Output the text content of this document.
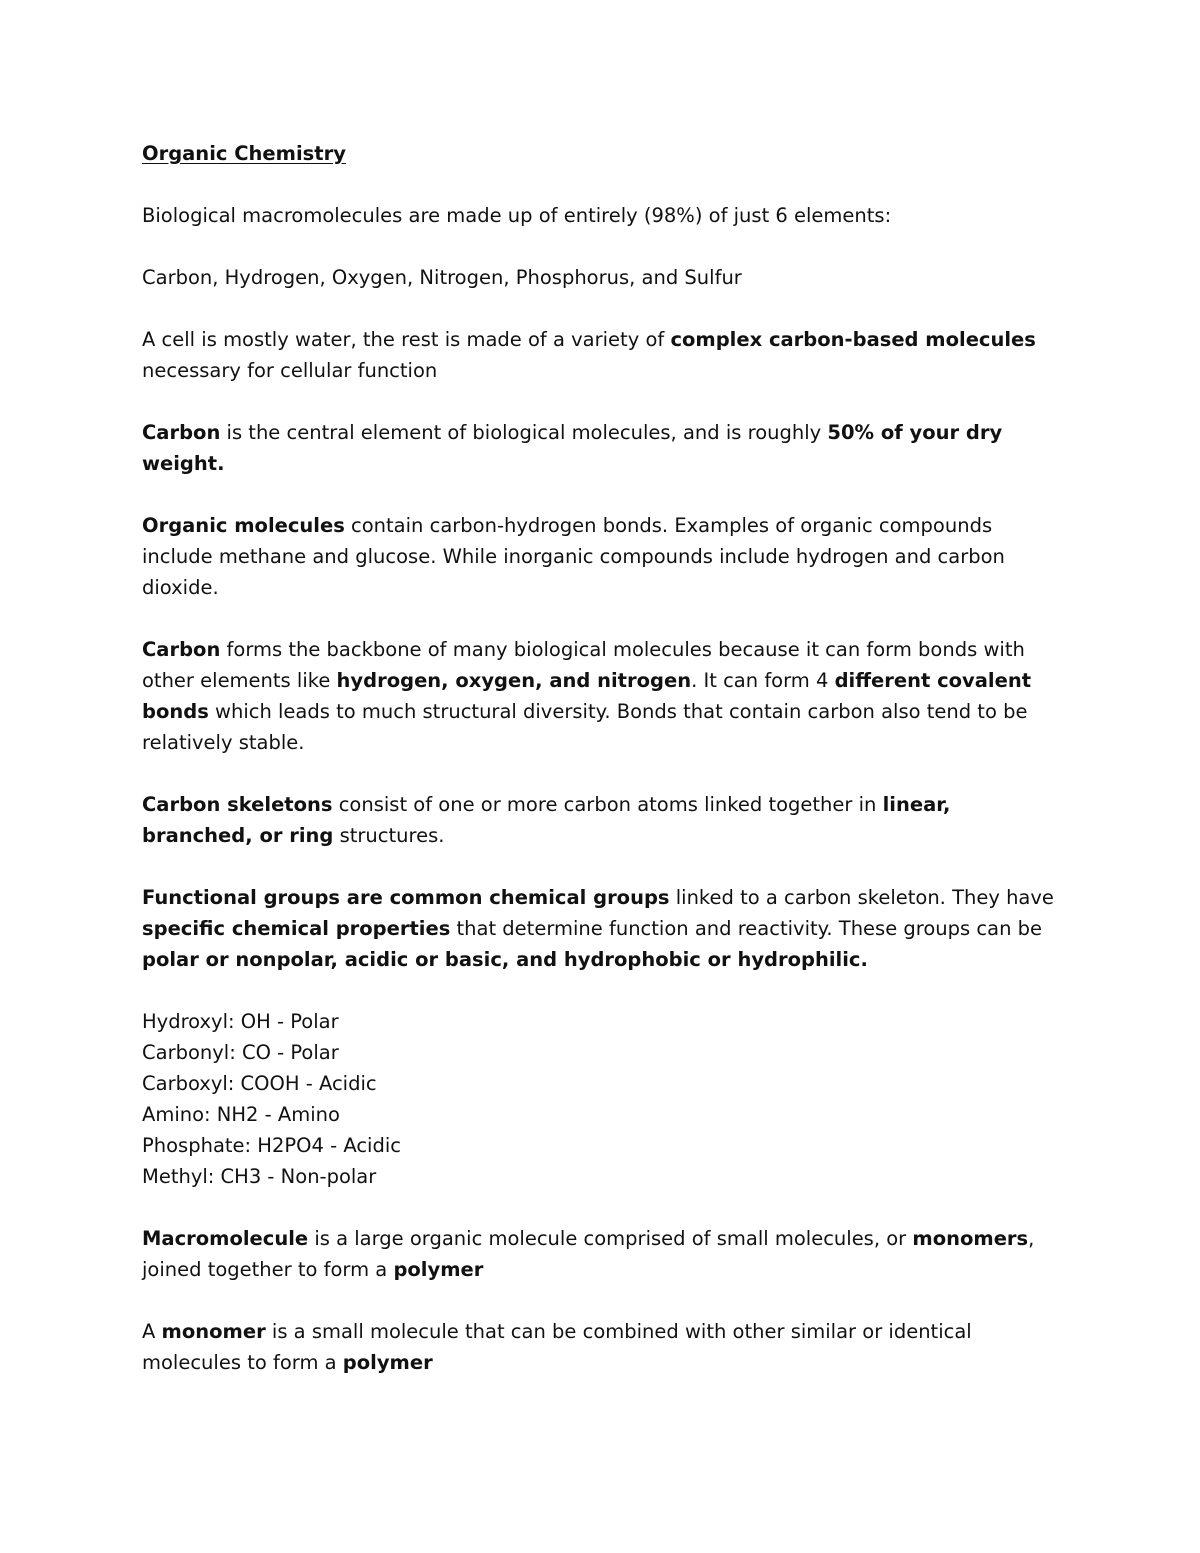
Organic Chemistry

Biological macromolecules are made up of entirely (98%) of just 6 elements:

Carbon, Hydrogen, Oxygen, Nitrogen, Phosphorus, and Sulfur

A cell is mostly water, the rest is made of a variety of complex carbon-based molecules necessary for cellular function

Carbon is the central element of biological molecules, and is roughly 50% of your dry weight.

Organic molecules contain carbon-hydrogen bonds. Examples of organic compounds include methane and glucose. While inorganic compounds include hydrogen and carbon dioxide.

Carbon forms the backbone of many biological molecules because it can form bonds with other elements like hydrogen, oxygen, and nitrogen. It can form 4 different covalent bonds which leads to much structural diversity. Bonds that contain carbon also tend to be relatively stable.

Carbon skeletons consist of one or more carbon atoms linked together in linear, branched, or ring structures.

Functional groups are common chemical groups linked to a carbon skeleton. They have specific chemical properties that determine function and reactivity. These groups can be polar or nonpolar, acidic or basic, and hydrophobic or hydrophilic.

Hydroxyl: OH - Polar
Carbonyl: CO - Polar
Carboxyl: COOH - Acidic
Amino: NH2 - Amino
Phosphate: H2PO4 - Acidic
Methyl: CH3 - Non-polar

Macromolecule is a large organic molecule comprised of small molecules, or monomers, joined together to form a polymer

A monomer is a small molecule that can be combined with other similar or identical molecules to form a polymer
